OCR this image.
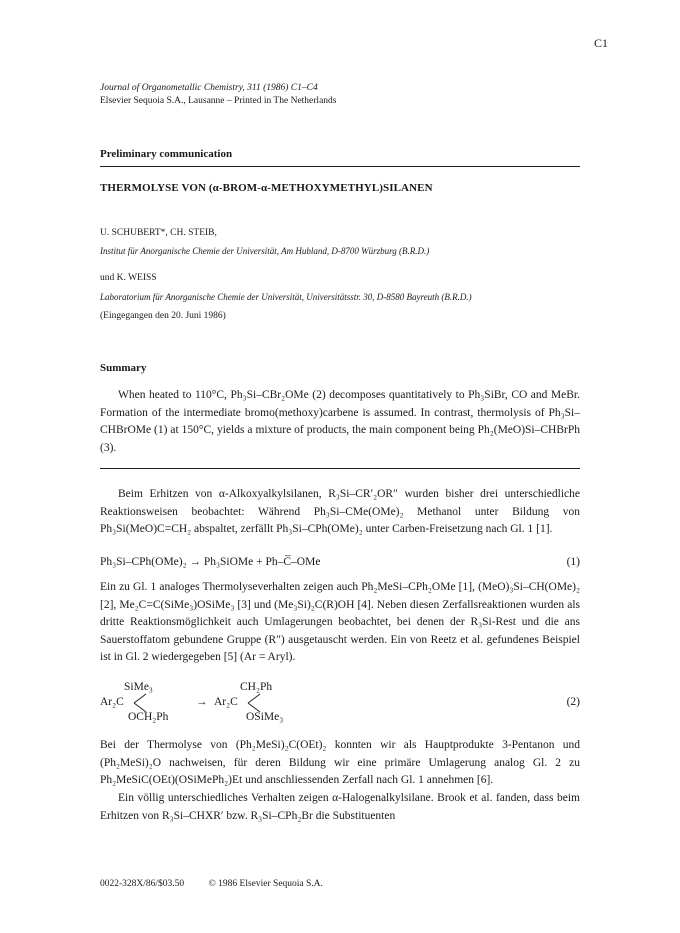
C1
Journal of Organometallic Chemistry, 311 (1986) C1–C4
Elsevier Sequoia S.A., Lausanne – Printed in The Netherlands
Preliminary communication
THERMOLYSE VON (α-BROM-α-METHOXYMETHYL)SILANEN
U. SCHUBERT*, CH. STEIB,
Institut für Anorganische Chemie der Universität, Am Hubland, D-8700 Würzburg (B.R.D.)
und K. WEISS
Laboratorium für Anorganische Chemie der Universität, Universitätsstr. 30, D-8580 Bayreuth (B.R.D.)
(Eingegangen den 20. Juni 1986)
Summary

When heated to 110°C, Ph₃Si–CBr₂OMe (2) decomposes quantitatively to Ph₃SiBr, CO and MeBr. Formation of the intermediate bromo(methoxy)carbene is assumed. In contrast, thermolysis of Ph₃Si–CHBrOMe (1) at 150°C, yields a mixture of products, the main component being Ph₂(MeO)Si–CHBrPh (3).

Beim Erhitzen von α-Alkoxyalkylsilanen, R₃Si–CR′₂OR″ wurden bisher drei unterschiedliche Reaktionsweisen beobachtet: Während Ph₃Si–CMe(OMe)₂ Methanol unter Bildung von Ph₃Si(MeO)C=CH₂ abspaltet, zerfällt Ph₃Si–CPh(OMe)₂ unter Carben-Freisetzung nach Gl. 1 [1].

Ph₃Si–CPh(OMe)₂ → Ph₃SiOMe + Ph–C̅–OMe	(1)

Ein zu Gl. 1 analoges Thermolyseverhalten zeigen auch Ph₂MeSi–CPh₂OMe [1], (MeO)₃Si–CH(OMe)₂ [2], Me₂C=C(SiMe₃)OSiMe₃ [3] und (Me₃Si)₂C(R)OH [4]. Neben diesen Zerfallsreaktionen wurden als dritte Reaktionsmöglichkeit auch Umlagerungen beobachtet, bei denen der R₃Si-Rest und die ans Sauerstoffatom gebundene Gruppe (R″) ausgetauscht werden. Ein von Reetz et al. gefundenes Beispiel ist in Gl. 2 wiedergegeben [5] (Ar = Aryl).

SiMe₃
Ar₂C
OCH₂Ph
→
CH₂Ph
Ar₂C
OSiMe₃
(2)

Bei der Thermolyse von (Ph₂MeSi)₂C(OEt)₂ konnten wir als Hauptprodukte 3-Pentanon und (Ph₂MeSi)₂O nachweisen, für deren Bildung wir eine primäre Umlagerung analog Gl. 2 zu Ph₂MeSiC(OEt)(OSiMePh₂)Et und anschliessenden Zerfall nach Gl. 1 annehmen [6].

Ein völlig unterschiedliches Verhalten zeigen α-Halogenalkylsilane. Brook et al. fanden, dass beim Erhitzen von R₃Si–CHXR′ bzw. R₃Si–CPh₂Br die Substituenten

0022-328X/86/$03.50	© 1986 Elsevier Sequoia S.A.
